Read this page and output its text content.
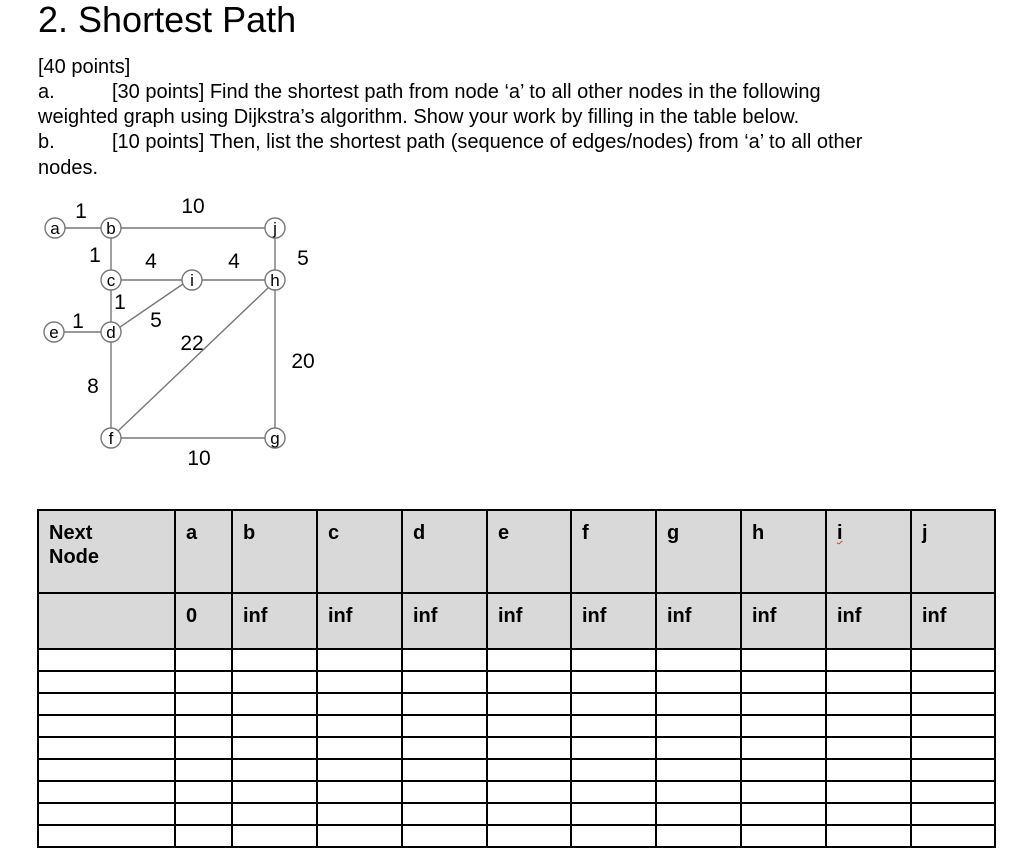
2. Shortest Path
[40 points]
a.	[30 points] Find the shortest path from node ‘a’ to all other nodes in the following
weighted graph using Dijkstra’s algorithm. Show your work by filling in the table below.
b.	[10 points] Then, list the shortest path (sequence of edges/nodes) from ‘a’ to all other
nodes.
1	10
1 4	4	5
1
5
1
22
20
8
10
a	b
c
d
e
f	g
h
i
j
Next
Node	a	b	c	d	e	f	g	h	i	j
	0	inf	inf	inf	inf	inf	inf	inf	inf	inf
